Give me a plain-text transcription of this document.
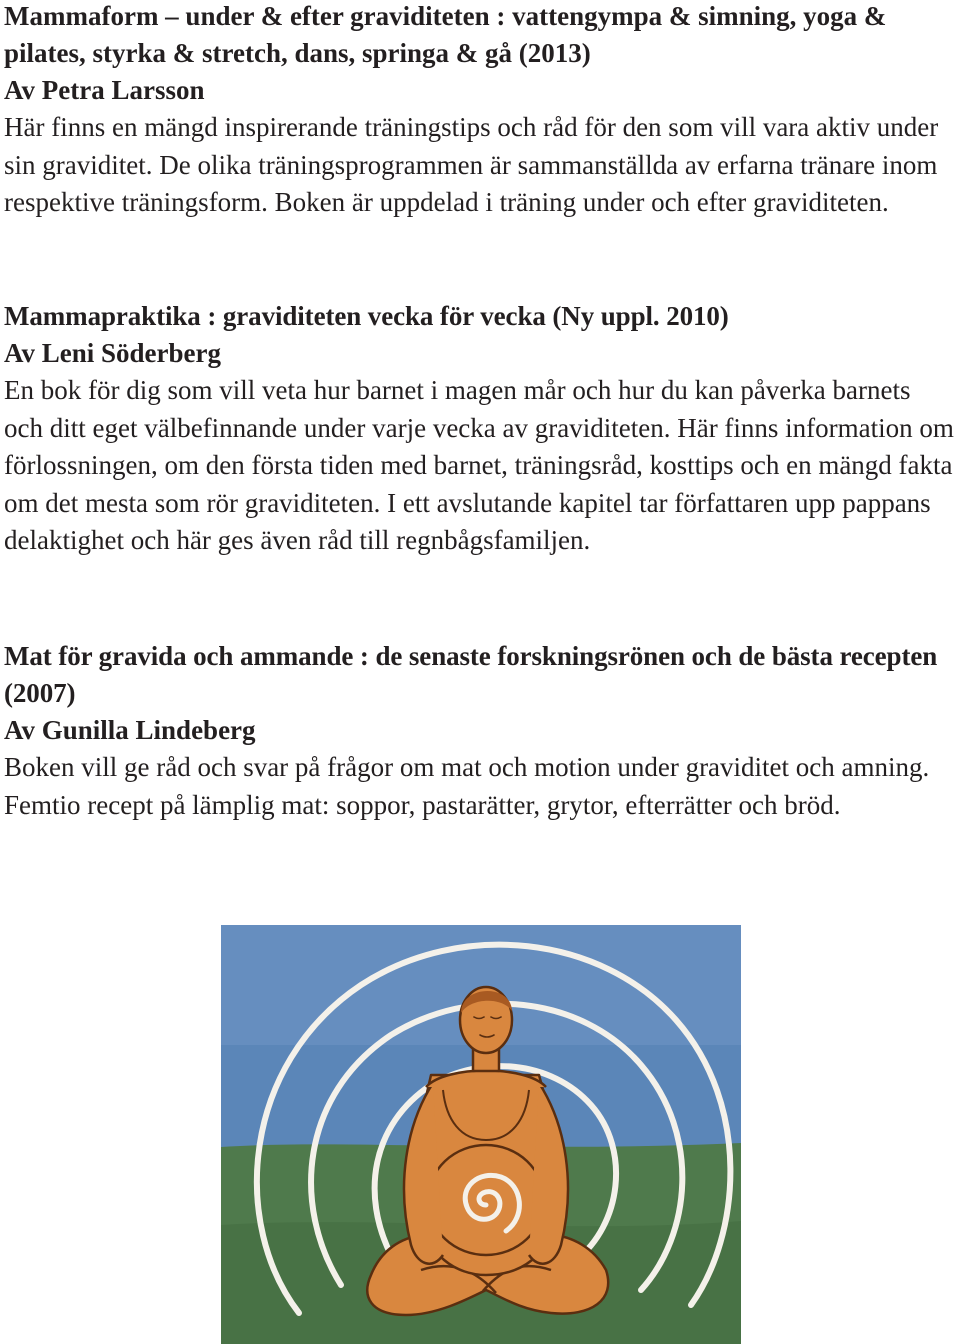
Mammaform – under & efter graviditeten : vattengympa & simning, yoga & pilates, styrka & stretch, dans, springa & gå (2013)

Av Petra Larsson

Här finns en mängd inspirerande träningstips och råd för den som vill vara aktiv under sin graviditet. De olika träningsprogrammen är sammanställda av erfarna tränare inom respektive träningsform. Boken är uppdelad i träning under och efter graviditeten.

Mammapraktika : graviditeten vecka för vecka (Ny uppl. 2010)

Av Leni Söderberg

En bok för dig som vill veta hur barnet i magen mår och hur du kan påverka barnets och ditt eget välbefinnande under varje vecka av graviditeten. Här finns information om förlossningen, om den första tiden med barnet, träningsråd, kosttips och en mängd fakta om det mesta som rör graviditeten. I ett avslutande kapitel tar författaren upp pappans delaktighet och här ges även råd till regnbågsfamiljen.

Mat för gravida och ammande : de senaste forskningsrönen och de bästa recepten (2007)

Av Gunilla Lindeberg

Boken vill ge råd och svar på frågor om mat och motion under graviditet och amning. Femtio recept på lämplig mat: soppor, pastarätter, grytor, efterrätter och bröd.
